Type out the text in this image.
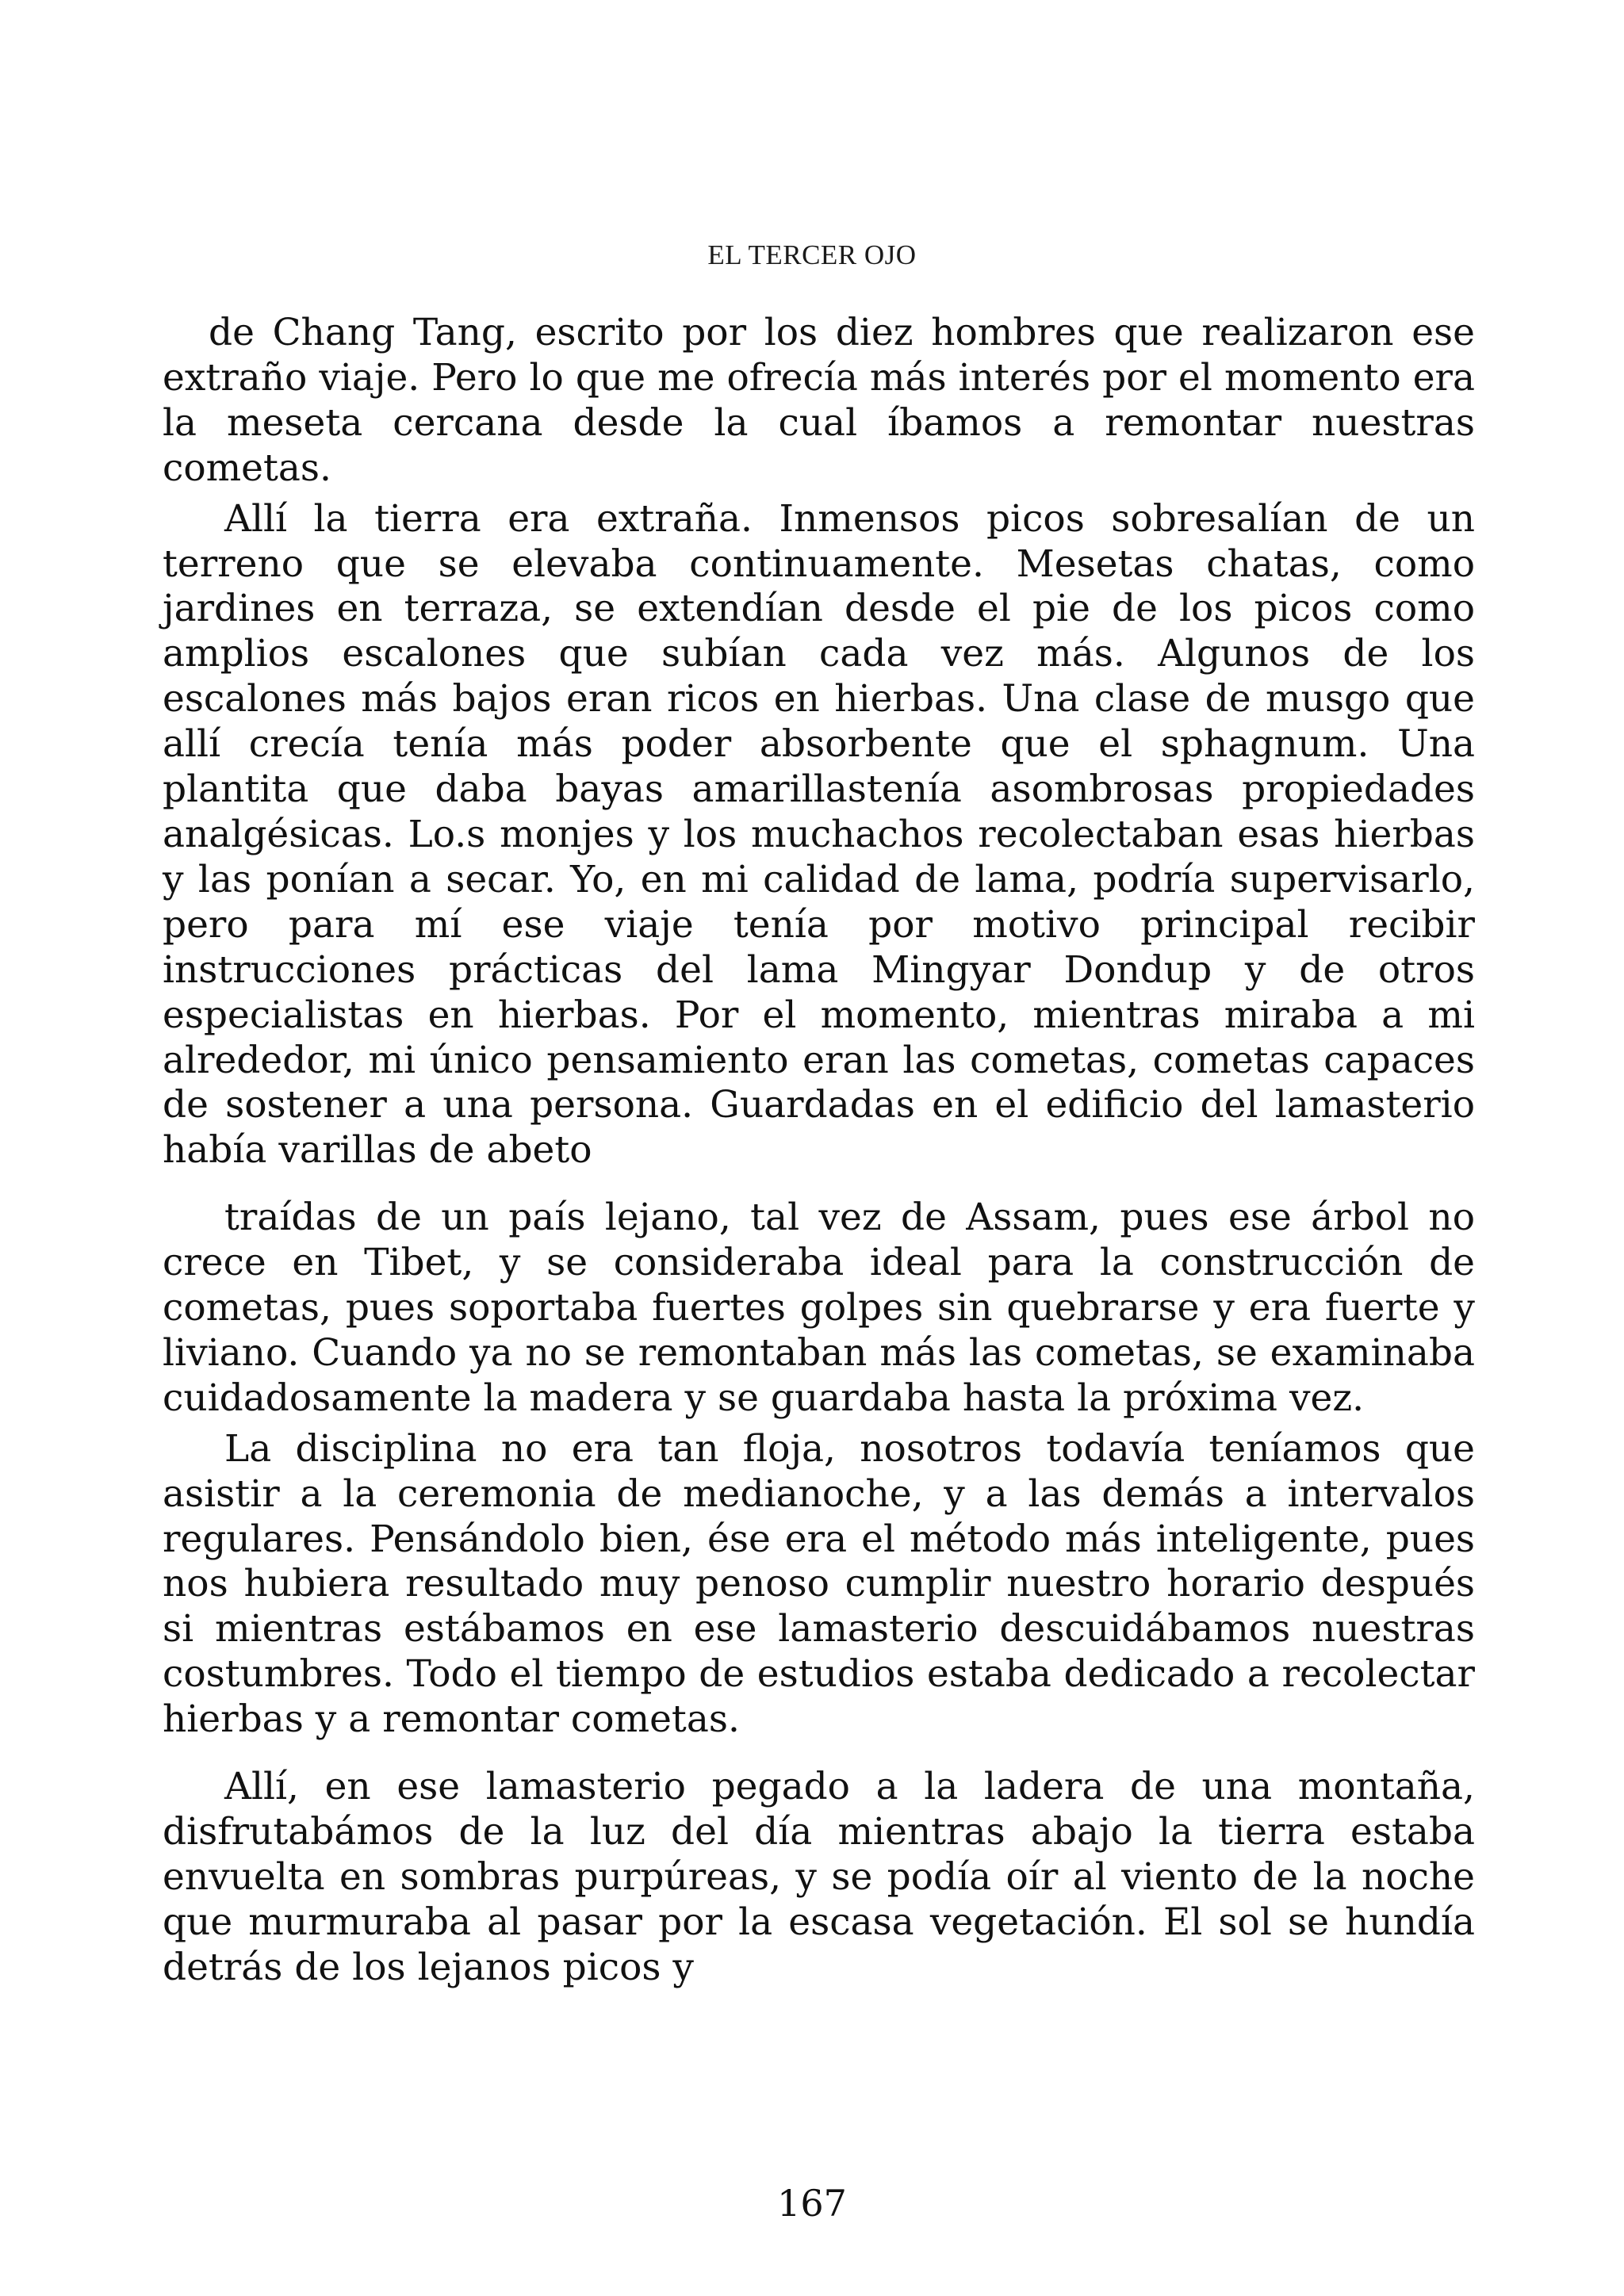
EL TERCER OJO

de Chang Tang, escrito por los diez hombres que realizaron ese extraño viaje. Pero lo que me ofrecía más interés por el momento era la meseta cercana desde la cual íbamos a remontar nuestras cometas.

Allí la tierra era extraña. Inmensos picos sobresalían de un terreno que se elevaba continuamente. Mesetas chatas, como jardines en terraza, se extendían desde el pie de los picos como amplios escalones que subían cada vez más. Algunos de los escalones más bajos eran ricos en hierbas. Una clase de musgo que allí crecía tenía más poder absorbente que el sphagnum. Una plantita que daba bayas amarillastenía asombrosas propiedades analgésicas. Lo.s monjes y los muchachos recolectaban esas hierbas y las ponían a secar. Yo, en mi calidad de lama, podría supervisarlo, pero para mí ese viaje tenía por motivo principal recibir instrucciones prácticas del lama Mingyar Dondup y de otros especialistas en hierbas. Por el momento, mientras miraba a mi alrededor, mi único pensamiento eran las cometas, cometas capaces de sostener a una persona. Guardadas en el edificio del lamasterio había varillas de abeto

traídas de un país lejano, tal vez de Assam, pues ese árbol no crece en Tibet, y se consideraba ideal para la construcción de cometas, pues soportaba fuertes golpes sin quebrarse y era fuerte y liviano. Cuando ya no se remontaban más las cometas, se examinaba cuidadosamente la madera y se guardaba hasta la próxima vez.

La disciplina no era tan floja, nosotros todavía teníamos que asistir a la ceremonia de medianoche, y a las demás a intervalos regulares. Pensándolo bien, ése era el método más inteligente, pues nos hubiera resultado muy penoso cumplir nuestro horario después si mientras estábamos en ese lamasterio descuidábamos nuestras costumbres. Todo el tiempo de estudios estaba dedicado a recolectar hierbas y a remontar cometas.

Allí, en ese lamasterio pegado a la ladera de una montaña, disfrutabámos de la luz del día mientras abajo la tierra estaba envuelta en sombras purpúreas, y se podía oír al viento de la noche que murmuraba al pasar por la escasa vegetación. El sol se hundía detrás de los lejanos picos y

167
